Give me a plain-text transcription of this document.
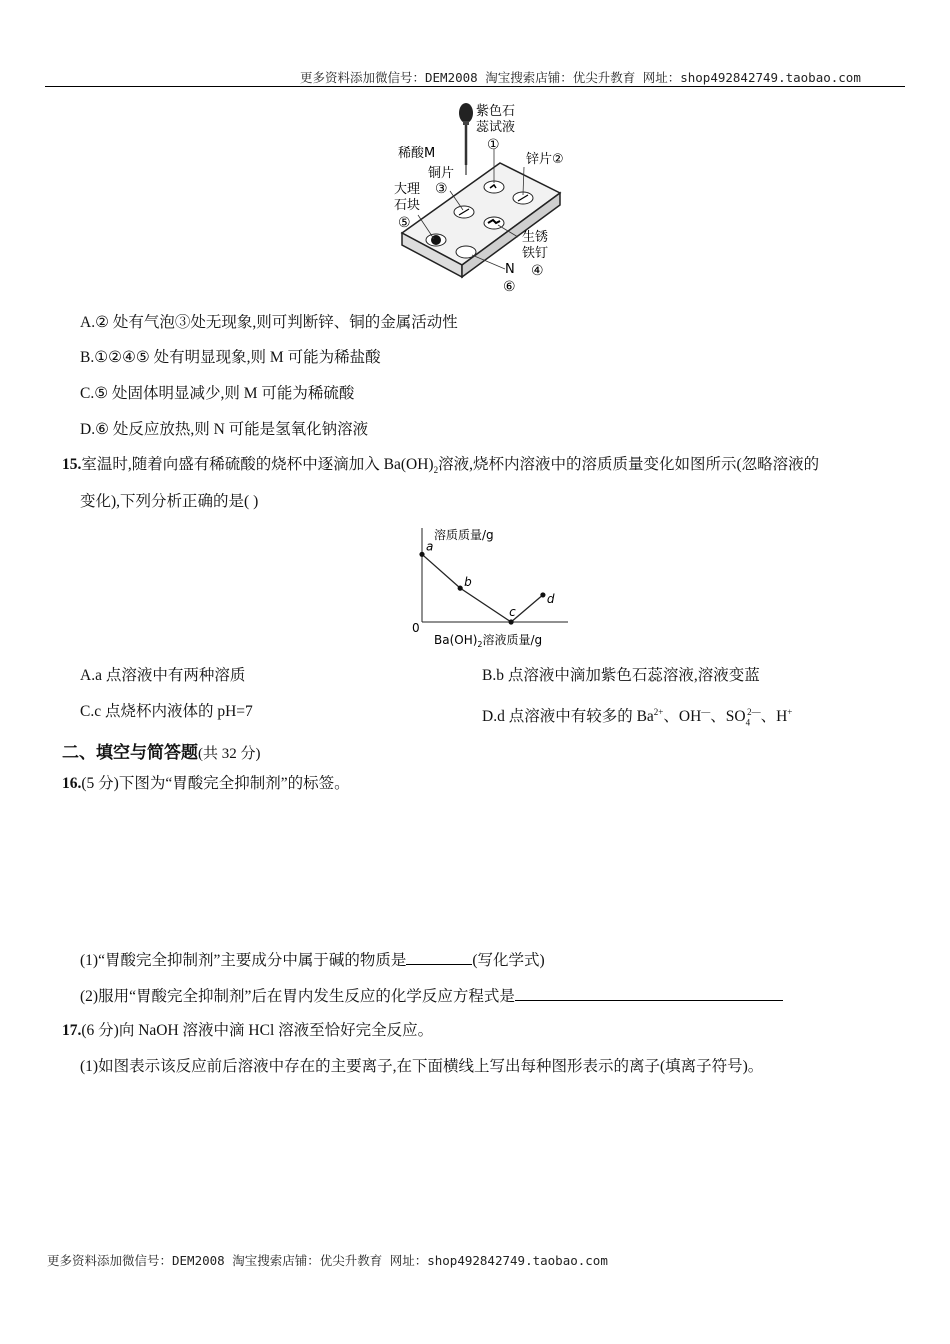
更多资料添加微信号：DEM2008 淘宝搜索店铺：优尖升教育 网址：shop492842749.taobao.com
紫色石
蕊试液
①
稀酸M
铜片
③
锌片②
大理
石块
⑤
生锈
铁钉
④
N
⑥
A.② 处有气泡③处无现象,则可判断锌、铜的金属活动性
B.①②④⑤ 处有明显现象,则 M 可能为稀盐酸
C.⑤ 处固体明显减少,则 M 可能为稀硫酸
D.⑥ 处反应放热,则 N 可能是氢氧化钠溶液
15.室温时,随着向盛有稀硫酸的烧杯中逐滴加入 $Ba(OH)_2$溶液,烧杯内溶液中的溶质质量变化如图所示(忽略溶液的
变化),下列分析正确的是( )
a
b
c
d
溶质质量/g
0
$Ba(OH)_2$溶液质量/g
A.a 点溶液中有两种溶质	B.b 点溶液中滴加紫色石蕊溶液,溶液变蓝
C.c 点烧杯内液体的 pH=7	D.d 点溶液中有较多的 $Ba^{2+}$、OH—、$SO_4^{2—}$、H+
二、填空与简答题(共 32 分)
16.(5 分)下图为“胃酸完全抑制剂”的标签。
(1)“胃酸完全抑制剂”主要成分中属于碱的物质是	(写化学式)
(2)服用“胃酸完全抑制剂”后在胃内发生反应的化学反应方程式是
17.(6 分)向 NaOH 溶液中滴 HCl 溶液至恰好完全反应。
(1)如图表示该反应前后溶液中存在的主要离子,在下面横线上写出每种图形表示的离子(填离子符号)。
更多资料添加微信号：DEM2008 淘宝搜索店铺：优尖升教育 网址：shop492842749.taobao.com
